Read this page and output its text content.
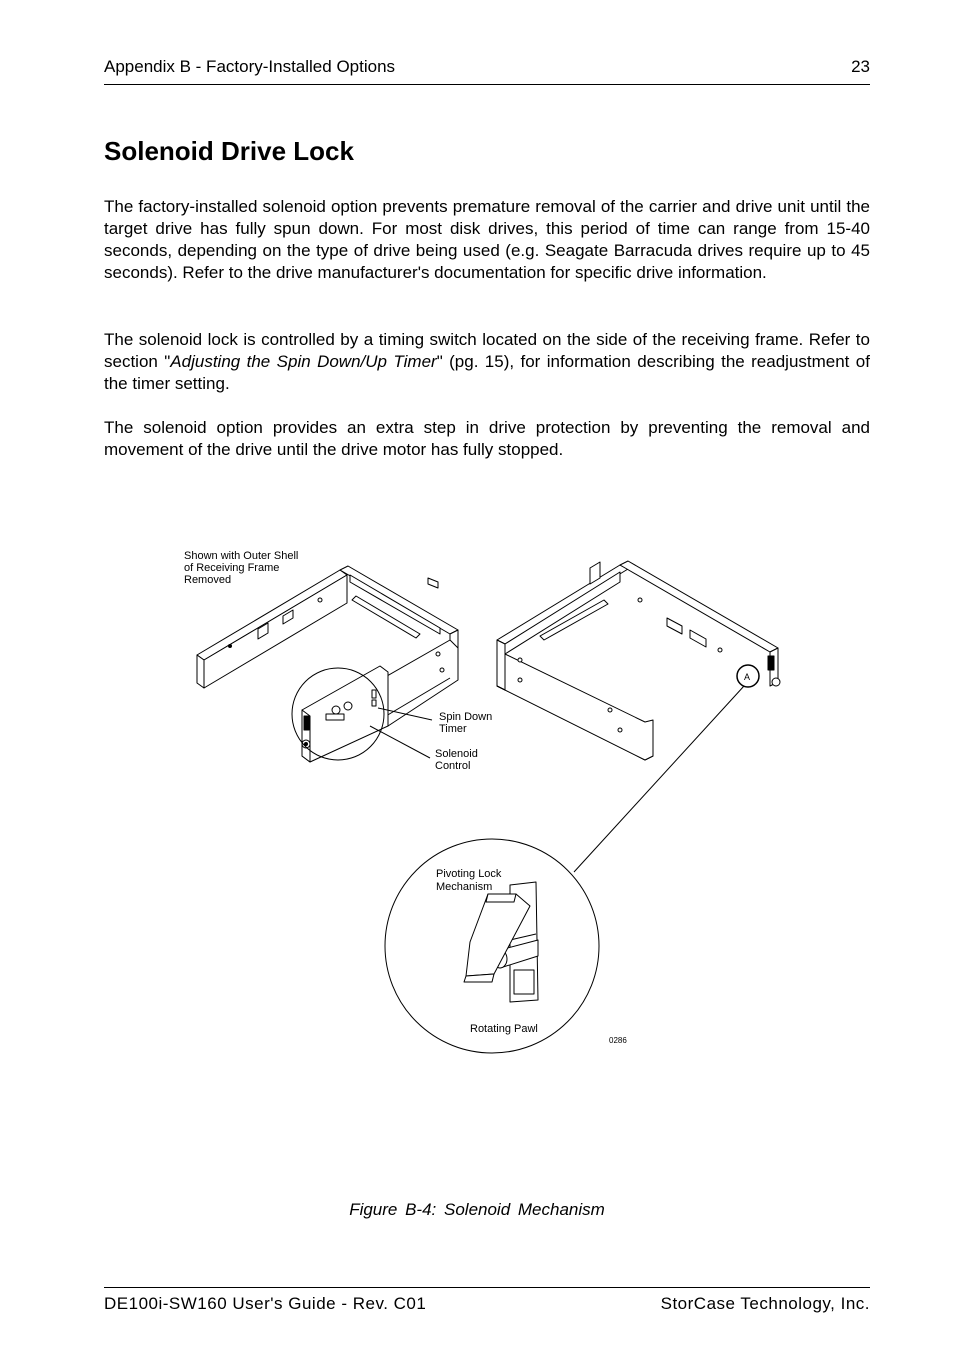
Appendix B - Factory-Installed Options	23
Solenoid Drive Lock

The factory-installed solenoid option prevents premature removal of the carrier and drive unit until the target drive has fully spun down. For most disk drives, this period of time can range from 15-40 seconds, depending on the type of drive being used (e.g. Seagate Barracuda drives require up to 45 seconds). Refer to the drive manufacturer's documentation for specific drive information.

The solenoid lock is controlled by a timing switch located on the side of the receiving frame. Refer to section "Adjusting the Spin Down/Up Timer" (pg. 15), for information describing the readjustment of the timer setting.

The solenoid option provides an extra step in drive protection by preventing the removal and movement of the drive until the drive motor has fully stopped.

Shown with Outer Shell
of Receiving Frame
Removed
Spin Down
Timer
Solenoid
Control
Pivoting Lock
Mechanism
Rotating Pawl
0286
A
Figure B-4: Solenoid Mechanism
DE100i-SW160 User's Guide - Rev. C01	StorCase Technology, Inc.
